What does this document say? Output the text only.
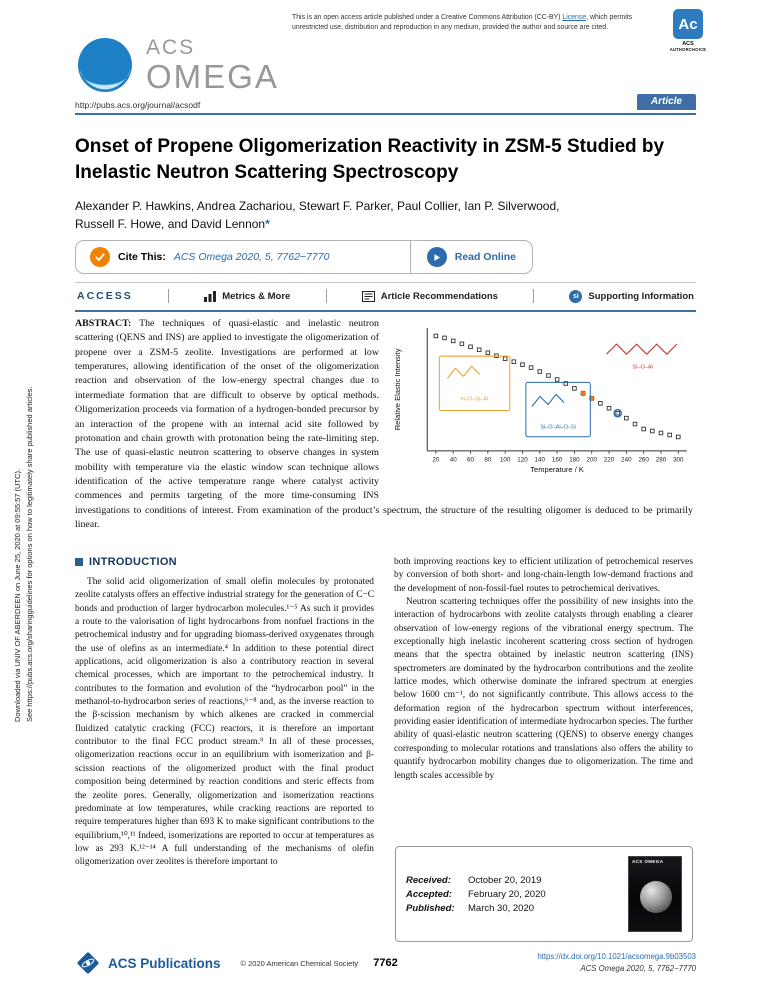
Downloaded via UNIV OF ABERDEEN on June 25, 2020 at 09:55:57 (UTC). See https://pubs.acs.org/sharingguidelines for options on how to legitimately share published articles.
This is an open access article published under a Creative Commons Attribution (CC-BY) License, which permits unrestricted use, distribution and reproduction in any medium, provided the author and source are cited.	Ac
ACS
AUTHORCHOICE
ACS
OMEGA
http://pubs.acs.org/journal/acsodf	Article
Onset of Propene Oligomerization Reactivity in ZSM-5 Studied by Inelastic Neutron Scattering Spectroscopy
Alexander P. Hawkins, Andrea Zachariou, Stewart F. Parker, Paul Collier, Ian P. Silverwood,
Russell F. Howe, and David Lennon*
Cite This: ACS Omega 2020, 5, 7762−7770	Read Online
ACCESS	Metrics & More	Article Recommendations	si	Supporting Information
20 40 60 80 100 120 140 160 180 200 220 240 260 280 300
Temperature / K
Relative Elastic Intensity	H–O–Si–Al
Si–O–Al–O–Si
Si–O–Al
ABSTRACT: The techniques of quasi-elastic and inelastic neutron scattering (QENS and INS) are applied to investigate the oligomerization of propene over a ZSM-5 zeolite. Investigations are performed at low temperatures, allowing identification of the onset of the oligomerization reaction and observation of the low-energy spectral changes due to intermediate formation that are difficult to observe by optical methods. Oligomerization proceeds via formation of a hydrogen-bonded precursor by an interaction of the propene with an internal acid site followed by protonation and chain growth with protonation being the rate-limiting step. The use of quasi-elastic neutron scattering to observe changes in system mobility with temperature via the elastic window scan technique allows identification of the active temperature range where catalyst activity commences and permits targeting of the more time-consuming INS investigations to conditions of interest. From examination of the product’s spectrum, the structure of the resulting oligomer is deduced to be primarily linear.
INTRODUCTION

The solid acid oligomerization of small olefin molecules by protonated zeolite catalysts offers an effective industrial strategy for the generation of C−C bonds and production of larger hydrocarbon molecules.¹⁻⁵ As such it provides a route to the valorisation of light hydrocarbons from nonfuel fractions in the petrochemical industry and for upgrading biomass-derived oxygenates through the use of olefins as an intermediate.⁴ In addition to these potential direct applications, acid oligomerization is also a contributory reaction in several chemical processes, which are important to the petrochemical industry. It contributes to the formation and evolution of the “hydrocarbon pool” in the methanol-to-hydrocarbon series of reactions,⁶⁻⁸ and, as the inverse reaction to the β-scission mechanism by which alkenes are cracked in commercial fluidized catalytic cracking (FCC) reactors, it is therefore an important contributor to the final FCC product stream.⁹ In all of these processes, oligomerization reactions occur in an equilibrium with isomerization and β-scission reactions of the oligomerized product with the final product composition being determined by reaction conditions and steric effects from the zeolite pores. Generally, oligomerization and isomerization reactions predominate at low temperatures, while cracking reactions are reported to require temperatures higher than 693 K to make significant contributions to the equilibrium,¹⁰,¹¹ Indeed, isomerizations are reported to occur at temperatures as low as 293 K.¹²⁻¹⁴ A full understanding of the mechanisms of olefin oligomerization over zeolites is therefore important to

both improving reactions key to efficient utilization of petrochemical reserves by conversion of both short- and long-chain-length low-demand fractions and the development of non-fossil-fuel routes to petrochemical derivatives.

Neutron scattering techniques offer the possibility of new insights into the interaction of hydrocarbons with zeolite catalysts through enabling a clearer observation of low-energy regions of the vibrational energy spectrum. The exceptionally high inelastic incoherent scattering cross section of hydrogen means that the spectra obtained by inelastic neutron scattering (INS) spectrometers are dominated by the hydrocarbon contributions and the zeolite lattice modes, which otherwise dominate the infrared spectrum at energies below 1600 cm⁻¹, do not significantly contribute. This allows access to the deformation region of the hydrocarbon spectrum without interferences, providing easier identification of intermediate hydrocarbon species. The further ability of quasi-elastic neutron scattering (QENS) to observe energy changes corresponding to molecular rotations and translations also offers the ability to quantify hydrocarbon mobility changes due to oligomerization. The time and length scales accessible by

Received:	October 20, 2019
Accepted:	February 20, 2020
Published:	March 30, 2020
ACS OMEGA
ACS Publications	© 2020 American Chemical Society 7762
https://dx.doi.org/10.1021/acsomega.9b03503
ACS Omega 2020, 5, 7762−7770
